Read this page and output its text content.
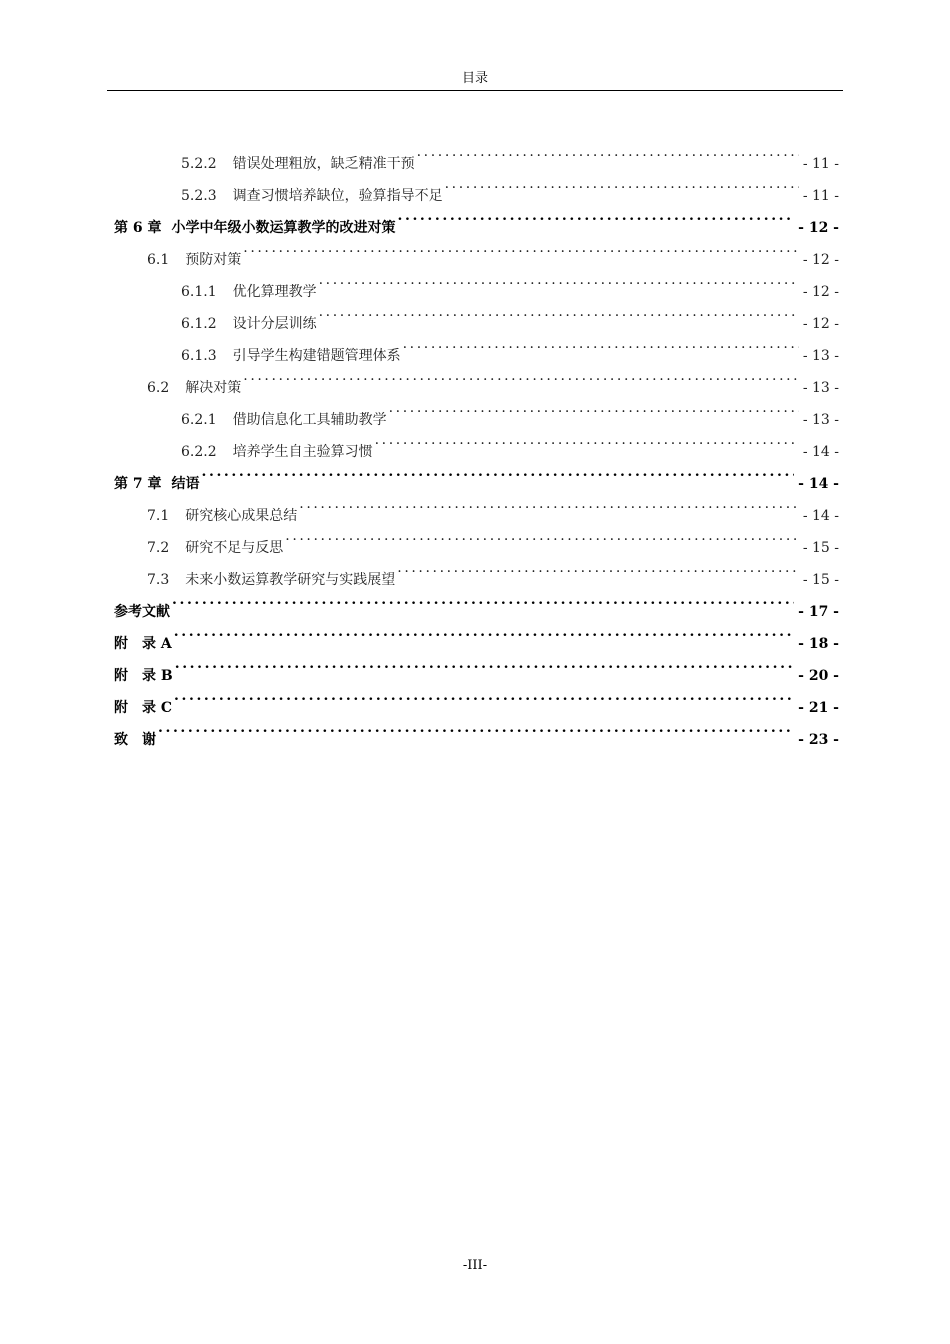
目录
5.2.2 错误处理粗放，缺乏精准干预 .....	- 11 -
5.2.3 调查习惯培养缺位，验算指导不足 .....	- 11 -
第 6 章 小学中年级小数运算教学的改进对策 .....	- 12 -
6.1 预防对策 .....	- 12 -
6.1.1 优化算理教学 .....	- 12 -
6.1.2 设计分层训练 .....	- 12 -
6.1.3 引导学生构建错题管理体系 .....	- 13 -
6.2 解决对策 .....	- 13 -
6.2.1 借助信息化工具辅助教学 .....	- 13 -
6.2.2 培养学生自主验算习惯 .....	- 14 -
第 7 章 结语 .....	- 14 -
7.1 研究核心成果总结 .....	- 14 -
7.2 研究不足与反思 .....	- 15 -
7.3 未来小数运算教学研究与实践展望 .....	- 15 -
参考文献 .....	- 17 -
附　录 A .....	- 18 -
附　录 B .....	- 20 -
附　录 C .....	- 21 -
致　谢 .....	- 23 -
-III-
